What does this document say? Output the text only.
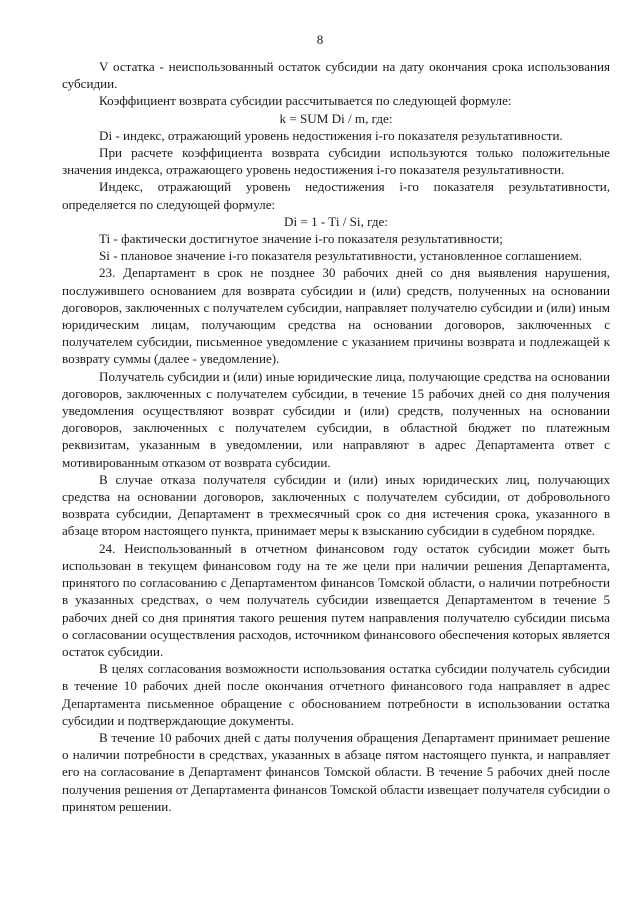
8

V остатка - неиспользованный остаток субсидии на дату окончания срока использования субсидии.

Коэффициент возврата субсидии рассчитывается по следующей формуле:

k = SUM Di / m, где:

Di - индекс, отражающий уровень недостижения i-го показателя результативности.

При расчете коэффициента возврата субсидии используются только положительные значения индекса, отражающего уровень недостижения i-го показателя результативности.

Индекс, отражающий уровень недостижения i-го показателя результативности, определяется по следующей формуле:

Di = 1 - Ti / Si, где:

Ti - фактически достигнутое значение i-го показателя результативности;

Si - плановое значение i-го показателя результативности, установленное соглашением.

23. Департамент в срок не позднее 30 рабочих дней со дня выявления нарушения, послужившего основанием для возврата субсидии и (или) средств, полученных на основании договоров, заключенных с получателем субсидии, направляет получателю субсидии и (или) иным юридическим лицам, получающим средства на основании договоров, заключенных с получателем субсидии, письменное уведомление с указанием причины возврата и подлежащей к возврату суммы (далее - уведомление).

Получатель субсидии и (или) иные юридические лица, получающие средства на основании договоров, заключенных с получателем субсидии, в течение 15 рабочих дней со дня получения уведомления осуществляют возврат субсидии и (или) средств, полученных на основании договоров, заключенных с получателем субсидии, в областной бюджет по платежным реквизитам, указанным в уведомлении, или направляют в адрес Департамента ответ с мотивированным отказом от возврата субсидии.

В случае отказа получателя субсидии и (или) иных юридических лиц, получающих средства на основании договоров, заключенных с получателем субсидии, от добровольного возврата субсидии, Департамент в трехмесячный срок со дня истечения срока, указанного в абзаце втором настоящего пункта, принимает меры к взысканию субсидии в судебном порядке.

24. Неиспользованный в отчетном финансовом году остаток субсидии может быть использован в текущем финансовом году на те же цели при наличии решения Департамента, принятого по согласованию с Департаментом финансов Томской области, о наличии потребности в указанных средствах, о чем получатель субсидии извещается Департаментом в течение 5 рабочих дней со дня принятия такого решения путем направления получателю субсидии письма о согласовании осуществления расходов, источником финансового обеспечения которых является остаток субсидии.

В целях согласования возможности использования остатка субсидии получатель субсидии в течение 10 рабочих дней после окончания отчетного финансового года направляет в адрес Департамента письменное обращение с обоснованием потребности в использовании остатка субсидии и подтверждающие документы.

В течение 10 рабочих дней с даты получения обращения Департамент принимает решение о наличии потребности в средствах, указанных в абзаце пятом настоящего пункта, и направляет его на согласование в Департамент финансов Томской области. В течение 5 рабочих дней после получения решения от Департамента финансов Томской области извещает получателя субсидии о принятом решении.
